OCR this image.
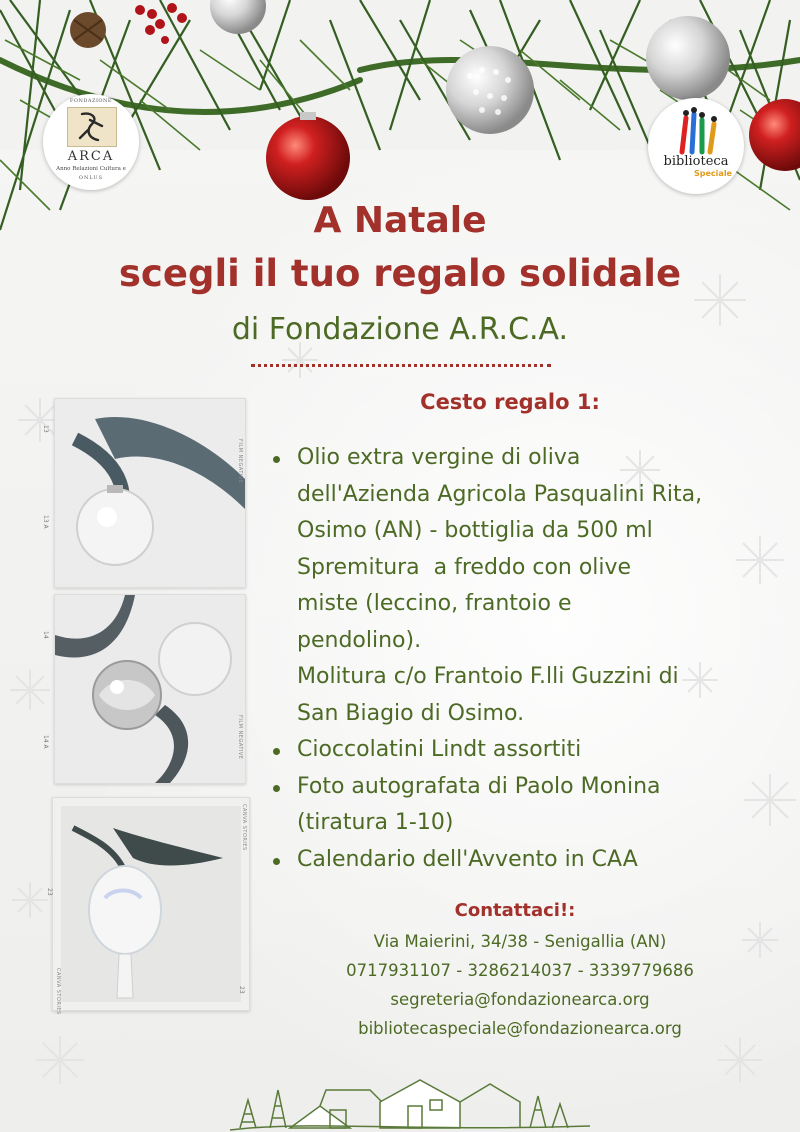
FONDAZIONE
ARCA
Anno Relazioni Cultura e
ONLUS
biblioteca
Speciale
A Natale
scegli il tuo regalo solidale
di Fondazione A.R.C.A.
13
13 A
FILM NEGATIVE
14
14 A	FILM NEGATIVE
23
23
CANVA STORIES
CANVA STORIES
Cesto regalo 1:
Olio extra vergine di oliva
dell'Azienda Agricola Pasqualini Rita,
Osimo (AN) - bottiglia da 500 ml
Spremitura  a freddo con olive
miste (leccino, frantoio e
pendolino).
Molitura c/o Frantoio F.lli Guzzini di
San Biagio di Osimo.
Cioccolatini Lindt assortiti
Foto autografata di Paolo Monina
(tiratura 1-10)
Calendario dell'Avvento in CAA
Contattaci!:
Via Maierini, 34/38 - Senigallia (AN)
0717931107 - 3286214037 - 3339779686
segreteria@fondazionearca.org
bibliotecaspeciale@fondazionearca.org
